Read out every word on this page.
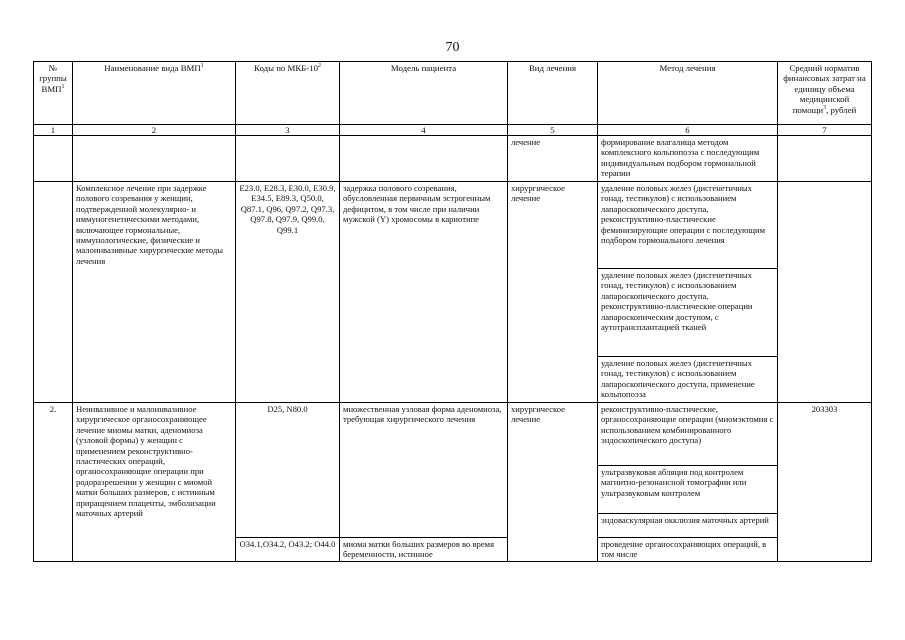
70
№ группы ВМП$^1$	Наименование вида ВМП$^1$	Коды по МКБ-$10^2$	Модель пациента	Вид лечения	Метод лечения	Средний норматив финансовых затрат на единицу объема медицинской помощи$^3$, рублей
1	2	3	4	5	6	7
				лечение	формирование влагалища методом комплексного кольпопоэза с последующим индивидуальным подбором гормональной терапии	
	Комплексное лечение при задержке полового созревания у женщин, подтвержденной молекулярно- и иммуногенетическими методами, включающее гормональные, иммунологические, физические и малоинвазивные хирургические методы лечения	E23.0, E28.3, E30.0, E30.9, E34.5, E89.3, Q50.0, Q87.1, Q96, Q97.2, Q97.3, Q97.8, Q97.9, Q99.0, Q99.1	задержка полового созревания, обусловленная первичным эстрогенным дефицитом, в том числе при наличии мужской (Y) хромосомы в кариотипе	хирургическое лечение	удаление половых желез (дисгенетичных гонад, тестикулов) с использованием лапароскопического доступа, реконструктивно-пластические феминизирующие операции с последующим подбором гормонального лечения	
					удаление половых желез (дисгенетичных гонад, тестикулов) с использованием лапароскопического доступа, реконструктивно-пластические операции лапароскопическим доступом, с аутотрансплантацией тканей	
					удаление половых желез (дисгенетичных гонад, тестикулов) с использованием лапароскопического доступа, применение кольпопоэза	
2.	Неинвазивное и малоинвазивное хирургическое органосохраняющее лечение миомы матки, аденомиоза (узловой формы) у женщин с применением реконструктивно-пластических операций, органосохраняющие операции при родоразрешении у женщин с миомой матки больших размеров, с истинным приращением плаценты, эмболизации маточных артерий	D25, N80.0	множественная узловая форма аденомиоза, требующая хирургического лечения	хирургическое лечение	реконструктивно-пластические, органосохраняющие операции (миомэктомия с использованием комбинированного эндоскопического доступа)	203303
					ультразвуковая абляция под контролем магнитно-резонансной томографии или ультразвуковым контролем	
					эндоваскулярная окклюзия маточных артерий	
		O34.1,O34.2, O43.2; O44.0	миома матки больших размеров во время беременности, истинное		проведение органосохраняющих операций, в том числе	
